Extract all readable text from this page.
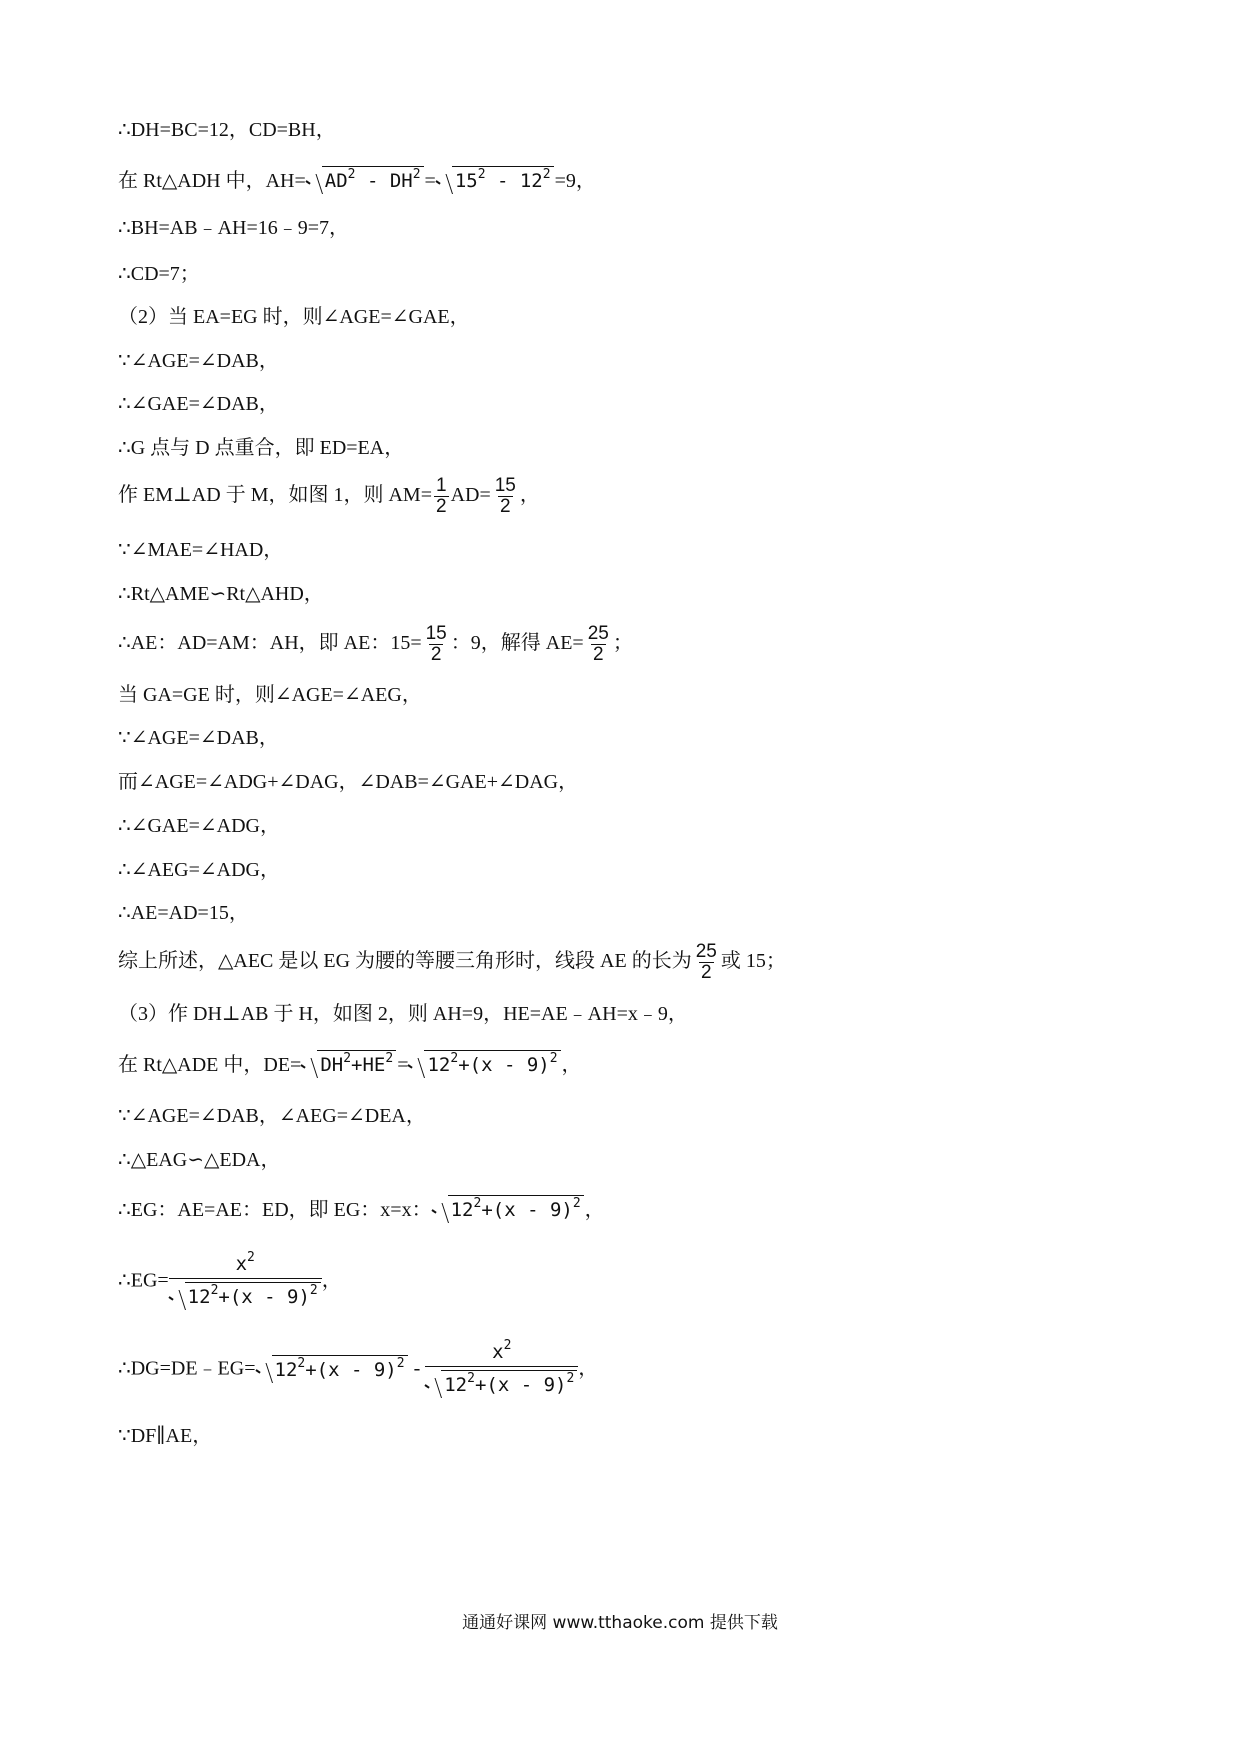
∴DH=BC=12，CD=BH，
在 Rt△ADH 中，$AH= AD^2 - DH^2 = 15^2 - 12^2 =9$，
∴BH=AB﹣AH=16﹣9=7，
∴CD=7；
（2）当 EA=EG 时，则∠AGE=∠GAE，
∵∠AGE=∠DAB，
∴∠GAE=∠DAB，
∴G 点与 D 点重合，即 ED=EA，
作 EM⊥AD 于 M，如图 1，则 $AM= \frac{1}{2} AD= \frac{15}{2}$ ，
∵∠MAE=∠HAD，
∴Rt△AME∽Rt△AHD，
∴AE：AD=AM：AH，即 AE：$15= \frac{15}{2}$ ：9，解得 $AE= \frac{25}{2}$ ；
当 GA=GE 时，则∠AGE=∠AEG，
∵∠AGE=∠DAB，
而∠AGE=∠ADG+∠DAG，∠DAB=∠GAE+∠DAG，
∴∠GAE=∠ADG，
∴∠AEG=∠ADG，
∴AE=AD=15，
综上所述，△AEC 是以 EG 为腰的等腰三角形时，线段 AE 的长为 $\frac{25}{2}$ 或 15；
（3）作 DH⊥AB 于 H，如图 2，则 AH=9，HE=AE﹣AH=x﹣9，
在 Rt△ADE 中，$DE= DH^2+HE^2 = 12^2+(x - 9)^2$ ，
∵∠AGE=∠DAB，∠AEG=∠DEA，
∴△EAG∽△EDA，
∴EG：AE=AE：ED，即 EG：x=x： $12^2+(x - 9)^2$ ，
∴EG= $\frac{x^2}{12^2+(x - 9)^2}$ ，
∴DG=DE﹣EG= $12^2+(x - 9)^2 - \frac{x^2}{12^2+(x - 9)^2}$ ，
∵DF∥AE，
通通好课网 www.tthaoke.com 提供下载
